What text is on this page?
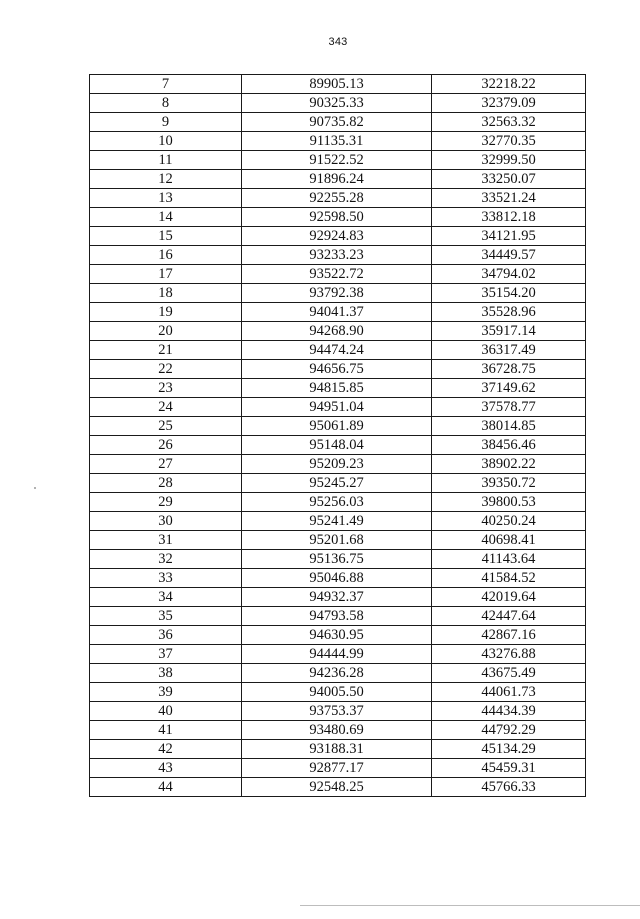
343
7	89905.13	32218.22
8	90325.33	32379.09
9	90735.82	32563.32
10	91135.31	32770.35
11	91522.52	32999.50
12	91896.24	33250.07
13	92255.28	33521.24
14	92598.50	33812.18
15	92924.83	34121.95
16	93233.23	34449.57
17	93522.72	34794.02
18	93792.38	35154.20
19	94041.37	35528.96
20	94268.90	35917.14
21	94474.24	36317.49
22	94656.75	36728.75
23	94815.85	37149.62
24	94951.04	37578.77
25	95061.89	38014.85
26	95148.04	38456.46
27	95209.23	38902.22
28	95245.27	39350.72
29	95256.03	39800.53
30	95241.49	40250.24
31	95201.68	40698.41
32	95136.75	41143.64
33	95046.88	41584.52
34	94932.37	42019.64
35	94793.58	42447.64
36	94630.95	42867.16
37	94444.99	43276.88
38	94236.28	43675.49
39	94005.50	44061.73
40	93753.37	44434.39
41	93480.69	44792.29
42	93188.31	45134.29
43	92877.17	45459.31
44	92548.25	45766.33
